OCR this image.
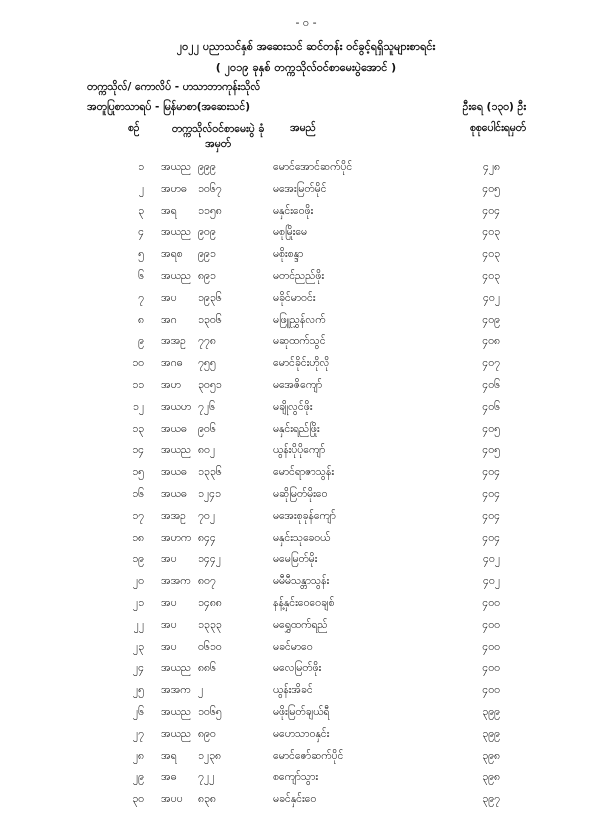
- ၀ -
၂၀၂၂ ပညာသင်နှစ် အဆေးသင် ဆင်တန်း ဝင်ခွင့်ရရှိသူများစာရင်း
( ၂၀၁၉ ခုနှစ် တက္ကသိုလ်ဝင်စာမေးပွဲအောင် )
တက္ကသိုလ်/ ကောလိပ် - ဟသာဘာကုန်းသိုလ်
အတူပြုစာသာရပ် - မြန်မာစာ(အဆေးသင်)	ဦးရေ (၁၃၀) ဦး
စဉ်	တက္ကသိုလ်ဝင်စာမေးပွဲ ခုံအမှတ်
အမည်	စုစုပေါင်းရမှတ်
၁ အယည ၉၉၉	မောင်အောင်ဆက်ပိုင်	၄၂၈
၂ အဟဓ ၁၀၆၇	မအေးမြတ်မိုင်	၄၀၅
၃ အရ ၁၁၅၈	မနှင်းဝေဖိုး	၄၀၄
၄ အယည ၉၀၉	မစုမြိုးမေ	၄၀၃
၅ အရစ ၉၉၁	မစိုးစန္ဒာ	၄၀၃
၆ အယည ၈၉၁	မတင်ညည်ဖိုး	၄၀၃
၇ အပ ၁၉၃၆	မခိုင်မာဝင်း	၄၀၂
၈ အဂ ၁၃၀၆	မဖြူညွှန်လက်	၄၀၉
၉ အအဥ ၇၇၈	မဆုထက်သွင်	၄၀၈
၁၀ အဂဓ ၇၅၅	မောင်ခိုင်းဟိုလို	၄၀၇
၁၁ အဟ ၃၀၅၁	မအေဇိကျော်	၄၀၆
၁၂ အယဟ ၇၂၆	မချိုလွင်ဖိုး	၄၀၆
၁၃ အယဓ ၉၀၆	မနှင်းရည်ဖြိုး	၄၀၅
၁၄ အယည ၈၀၂	ယွန်းပိုပိုကျော်	၄၀၅
၁၅ အယဓ ၁၃၃၆	မောင်ရာဇာသွန်း	၄၀၄
၁၆ အယဓ ၁၂၄၁	မဆိုမြတ်မိုးဝေ	၄၀၄
၁၇ အအဥ ၇၀၂	မအေးစုခုန်ကျော်	၄၀၄
၁၈ အဟက ၈၄၄	မနှင်းသုခေဝယ်	၄၀၄
၁၉ အပ ၁၄၄၂	မမေမြတ်မိုး	၄၀၂
၂၀ အအက ၈၀၇	မမီမီသန္တာသွန်း	၄၀၂
၂၁ အပ ၁၄၈၈	နန့်နှင်းဝေဝေချစ်	၄၀၀
၂၂ အပ ၁၃၃၃	မရွှေထက်ရည်	၄၀၀
၂၃ အပ ၀၆၁၀	မခင်မာဝေ	၄၀၀
၂၄ အယည ၈၈၆	မလေမြတ်ဖိုး	၄၀၀
၂၅ အအက ၂	ယွန်းအိခင်	၄၀၀
၂၆ အယည ၁၀၆၅	မဖိုးမြတ်ချယ်ရီ	၃၉၉
၂၇ အယည ၈၉၀	မဟေသာဝနှင်း	၃၉၉
၂၈ အရ ၁၂၃၈	မောင်ဇော်ဆက်ပိုင်	၃၉၈
၂၉ အဓ ၇၂၂	စကျော်သွား	၃၉၈
၃၀ အပပ ၈၃၈	မခင်နှင်းဝေ	၃၉၇
